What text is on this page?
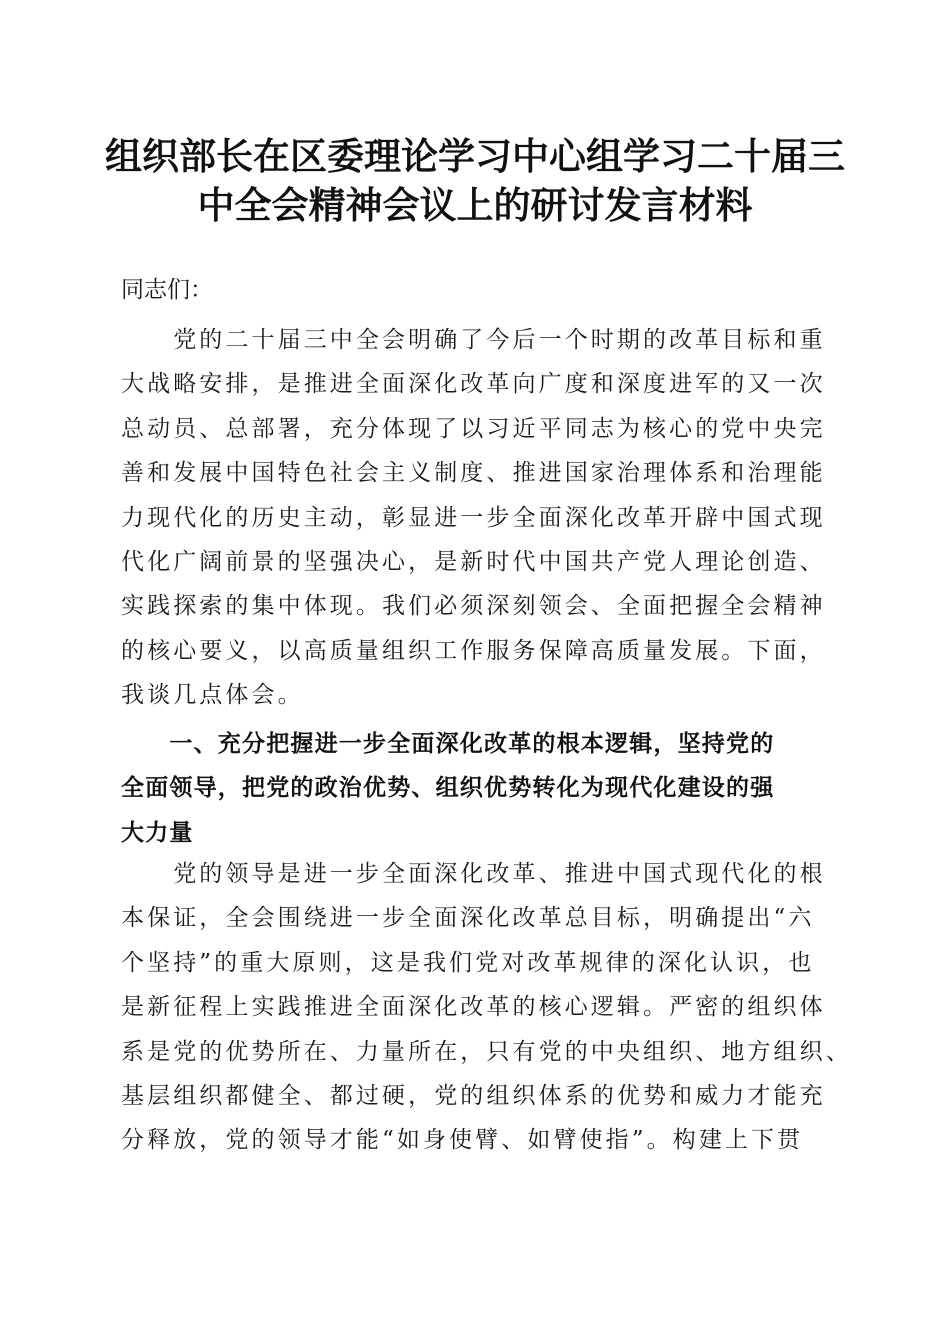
组织部长在区委理论学习中心组学习二十届三
中全会精神会议上的研讨发言材料
同志们：
　　党的二十届三中全会明确了今后一个时期的改革目标和重
大战略安排，是推进全面深化改革向广度和深度进军的又一次
总动员、总部署，充分体现了以习近平同志为核心的党中央完
善和发展中国特色社会主义制度、推进国家治理体系和治理能
力现代化的历史主动，彰显进一步全面深化改革开辟中国式现
代化广阔前景的坚强决心，是新时代中国共产党人理论创造、
实践探索的集中体现。我们必须深刻领会、全面把握全会精神
的核心要义，以高质量组织工作服务保障高质量发展。下面，
我谈几点体会。
　　一、充分把握进一步全面深化改革的根本逻辑，坚持党的
全面领导，把党的政治优势、组织优势转化为现代化建设的强
大力量
　　党的领导是进一步全面深化改革、推进中国式现代化的根
本保证，全会围绕进一步全面深化改革总目标，明确提出“六
个坚持”的重大原则，这是我们党对改革规律的深化认识，也
是新征程上实践推进全面深化改革的核心逻辑。严密的组织体
系是党的优势所在、力量所在，只有党的中央组织、地方组织、
基层组织都健全、都过硬，党的组织体系的优势和威力才能充
分释放，党的领导才能“如身使臂、如臂使指”。构建上下贯
